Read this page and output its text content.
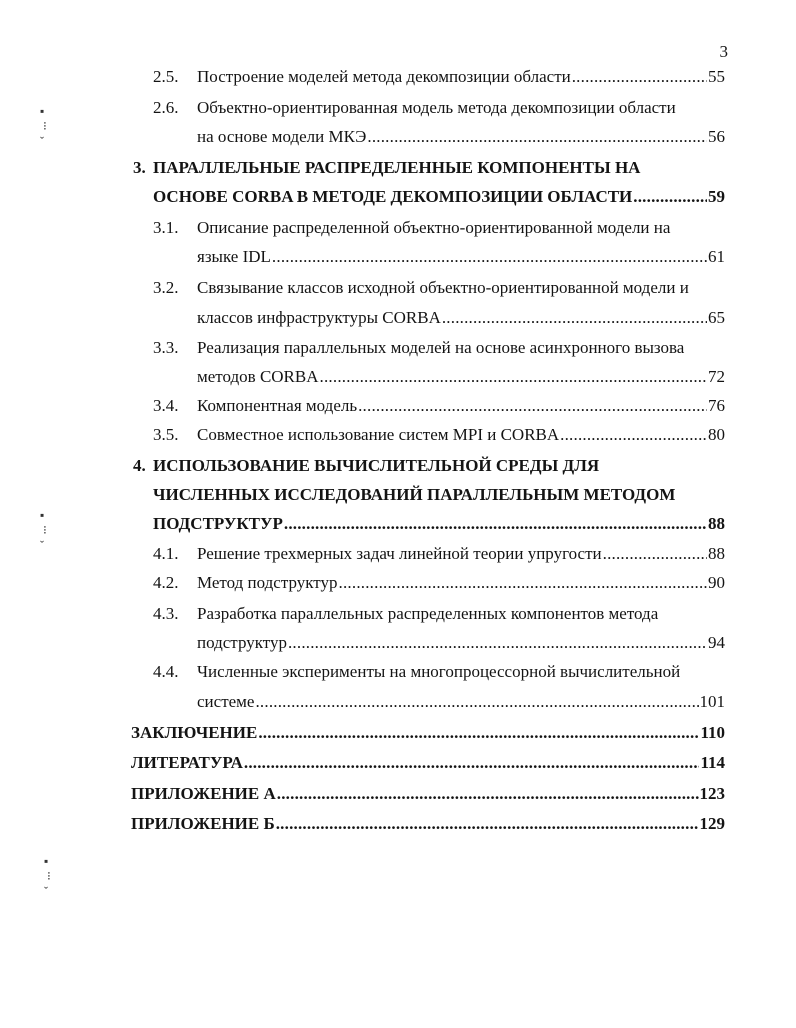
3
▪
⁝
ˇ
▪
⁝
ˇ
▪
⁝
ˇ
2.5. Построение моделей метода декомпозиции области .....	55
2.6. Объектно-ориентированная модель метода декомпозиции области
на основе модели МКЭ .....	56
3. ПАРАЛЛЕЛЬНЫЕ РАСПРЕДЕЛЕННЫЕ КОМПОНЕНТЫ НА
ОСНОВЕ CORBA В МЕТОДЕ ДЕКОМПОЗИЦИИ ОБЛАСТИ .....	59
3.1. Описание распределенной объектно-ориентированной модели на
языке IDL .....	61
3.2. Связывание классов исходной объектно-ориентированной модели и
классов инфраструктуры CORBA .....	65
3.3. Реализация параллельных моделей на основе асинхронного вызова
методов CORBA .....	72
3.4. Компонентная модель .....	76
3.5. Совместное использование систем MPI и CORBA .....	80
4. ИСПОЛЬЗОВАНИЕ ВЫЧИСЛИТЕЛЬНОЙ СРЕДЫ ДЛЯ
ЧИСЛЕННЫХ ИССЛЕДОВАНИЙ ПАРАЛЛЕЛЬНЫМ МЕТОДОМ
ПОДСТРУКТУР .....	88
4.1. Решение трехмерных задач линейной теории упругости .....	88
4.2. Метод подструктур .....	90
4.3. Разработка параллельных распределенных компонентов метода
подструктур .....	94
4.4. Численные эксперименты на многопроцессорной вычислительной
системе .....	101
ЗАКЛЮЧЕНИЕ .....	110
ЛИТЕРАТУРА .....	114
ПРИЛОЖЕНИЕ А .....	123
ПРИЛОЖЕНИЕ Б .....	129
